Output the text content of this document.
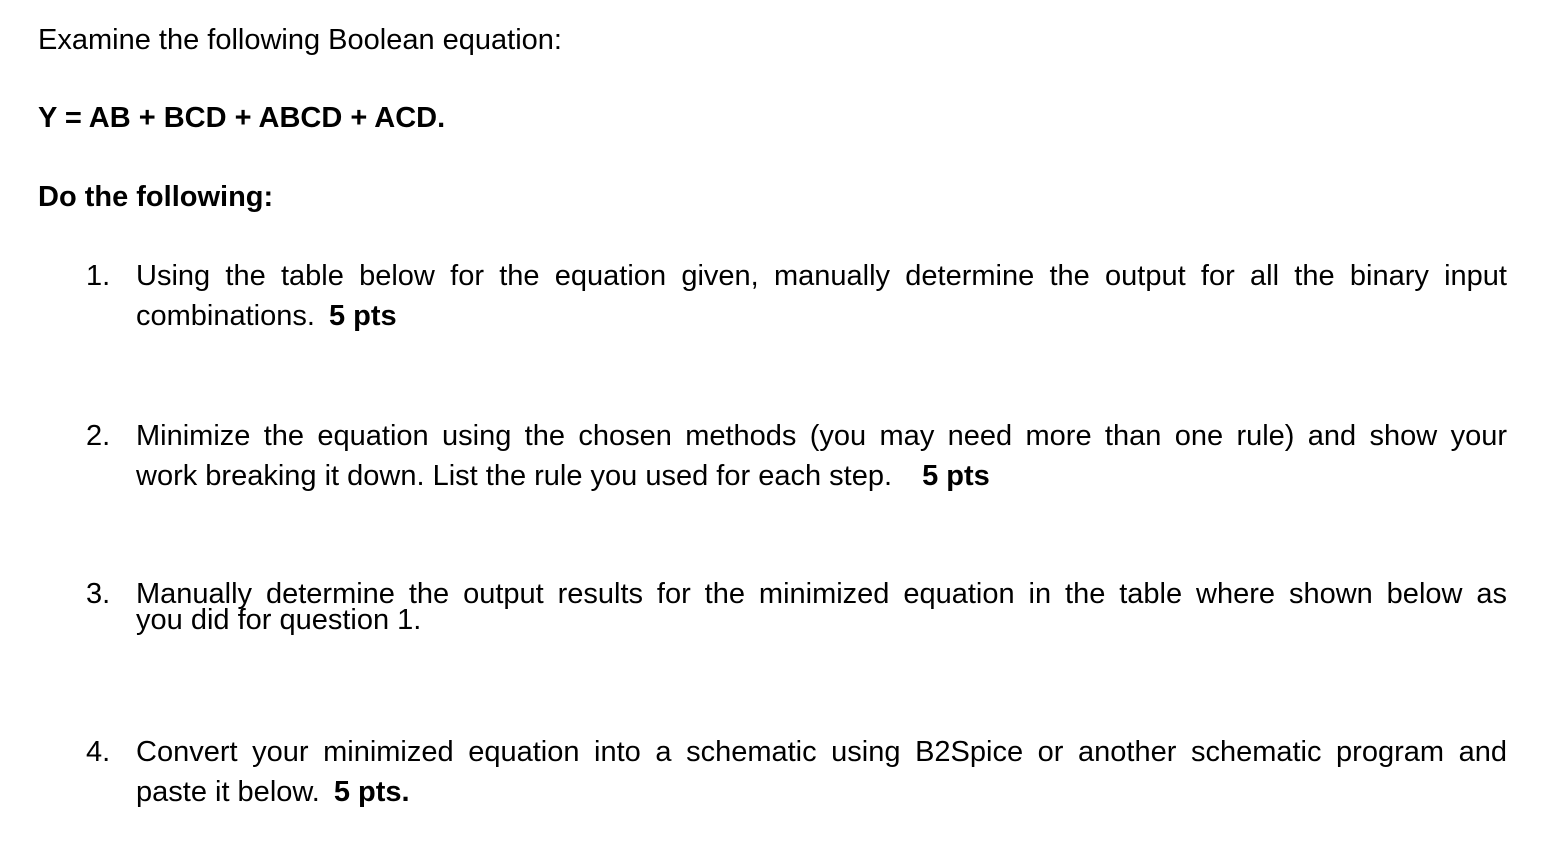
Examine the following Boolean equation:
Y = AB + BCD + ABCD + ACD.
Do the following:
1. Using the table below for the equation given, manually determine the output for all the binary input
combinations. 5 pts
2. Minimize the equation using the chosen methods (you may need more than one rule) and show your
work breaking it down. List the rule you used for each step. 5 pts
3. Manually determine the output results for the minimized equation in the table where shown below as
you did for question 1.
4. Convert your minimized equation into a schematic using B2Spice or another schematic program and
paste it below. 5 pts.
